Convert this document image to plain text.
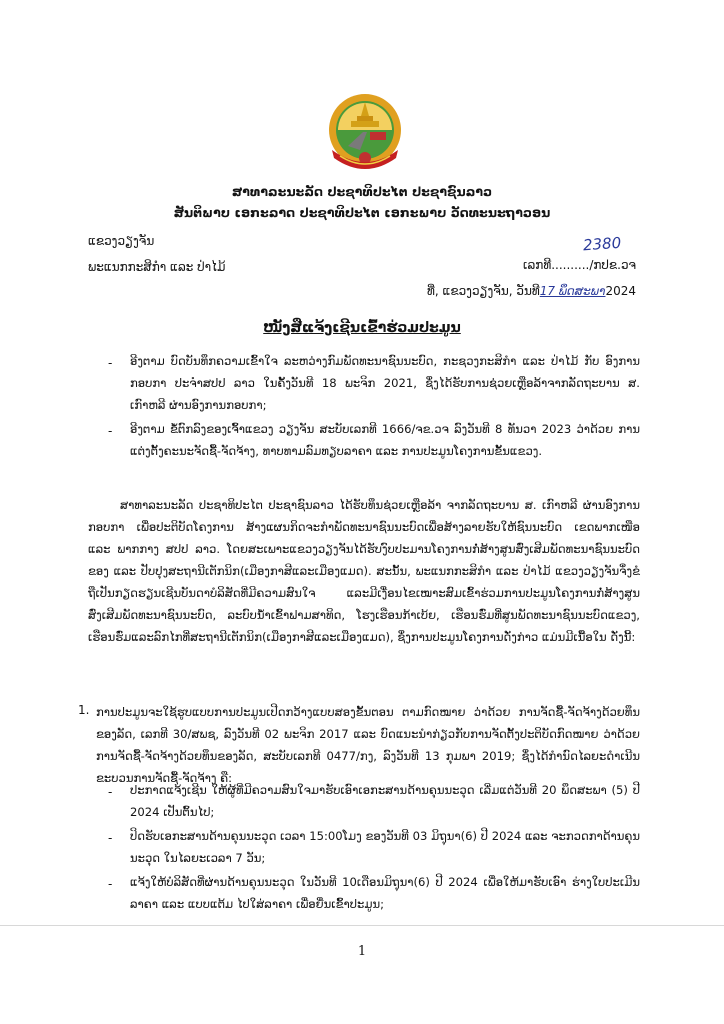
ສາທາລະນະລັດ ປະຊາທິປະໄຕ ປະຊາຊົນລາວ
ສັນຕິພາບ ເອກະລາດ ປະຊາທິປະໄຕ ເອກະພາບ ວັດທະນະຖາວອນ
ແຂວງວຽງຈັນ
ພະແນກກະສິກຳ ແລະ ປ່າໄມ້
2380
ເລກທີ........../ກປຂ.ວຈ
ທີ່, ແຂວງວຽງຈັນ, ວັນທີ17 ພຶດສະພາ2024
ໜັງສືແຈ້ງເຊີນເຂົ້າຮ່ວມປະມູນ
- ອີງຕາມ ບົດບັນທຶກຄວາມເຂົ້າໃຈ ລະຫວ່າງກົມພັດທະນາຊົນນະບົດ, ກະຊວງກະສິກຳ ແລະ ປ່າໄມ້ ກັບ ອົງການກອບກາ ປະຈຳສປປ ລາວ ໃນຄັ້ງວັນທີ 18 ພະຈິກ 2021, ຊຶ່ງໄດ້ຮັບການຊ່ວຍເຫຼືອລ້າຈາກລັດຖະບານ ສ. ເກົາຫລີ ຜ່ານອົງການກອບກາ;
- ອີງຕາມ ຂໍ້ຕົກລົງຂອງເຈົ້າແຂວງ ວຽງຈັນ ສະບັບເລກທີ 1666/ຈຂ.ວຈ ລົງວັນທີ 8 ທັນວາ 2023 ວ່າດ້ວຍ ການແຕ່ງຕັ້ງຄະນະຈັດຊື້-ຈັດຈ້າງ, ທາບທາມລົມທຽບລາຄາ ແລະ ການປະມູນໂຄງການຂັ້ນແຂວງ.
ສາທາລະນະລັດ ປະຊາທິປະໄຕ ປະຊາຊົນລາວ ໄດ້ຮັບທຶນຊ່ວຍເຫຼືອລ້າ ຈາກລັດຖະບານ ສ. ເກົາຫລີ ຜ່ານອົງການກອບກາ ເພື່ອປະຕິບັດໂຄງການ ສ້າງແຜນກິດຈະກຳພັດທະນາຊົນນະບົດເພື່ອສ້າງລາຍຮັບໃຫ້ຊົນນະບົດ ເຂດພາກເໜືອ ແລະ ພາກກາງ ສປປ ລາວ. ໂດຍສະເພາະແຂວງວຽງຈັນໄດ້ຮັບງົບປະມານໂຄງການກໍ່ສ້າງສູນສົ່ງເສີມພັດທະນາຊົນນະບົດຂອງ ແລະ ປັບປຸງສະຖານີເຕັກນິກ(ເມືອງກາສີແລະເມືອງແມດ). ສະນັ້ນ, ພະແນກກະສິກຳ ແລະ ປ່າໄມ້ ແຂວງວຽງຈັນຈຶ່ງຂໍຖືເປັນກຽດຮຽນເຊີນບັນດາບໍລິສັດທີ່ມີຄວາມສົນໃຈ ແລະມີເງື່ອນໄຂເໝາະສົມເຂົ້າຮ່ວມການປະມູນໂຄງການກໍ່ສ້າງສູນສົ່ງເສີມພັດທະນາຊົນນະບົດ, ລະບົບນ້ຳເຂົ້າຟາມສາທິດ, ໂຮງເຮືອນກ້າເບ້ຍ, ເຮືອນຮົ່ມທີ່ສູນພັດທະນາຊົນນະບົດແຂວງ, ເຮືອນຮົ່ມແລະລົກໄກທີ່ສະຖານີເຕັກນິກ(ເມືອງກາສີແລະເມືອງແມດ), ຊຶ່ງການປະມູນໂຄງການດັ່ງກ່າວ ແມ່ນມີເນື້ອໃນ ດັ່ງນີ້:
1. ການປະມູນຈະໃຊ້ຮູບແບບການປະມູນເປີດກວ້າງແບບສອງຂັ້ນຕອນ ຕາມກົດໝາຍ ວ່າດ້ວຍ ການຈັດຊື້-ຈັດຈ້າງດ້ວຍທຶນຂອງລັດ, ເລກທີ 30/ສພຊ, ລົງວັນທີ 02 ພະຈິກ 2017 ແລະ ບົດແນະນຳກ່ຽວກັບການຈັດຕັ້ງປະຕິບັດກົດໝາຍ ວ່າດ້ວຍ ການຈັດຊື້-ຈັດຈ້າງດ້ວຍທຶນຂອງລັດ, ສະບັບເລກທີ 0477/ກງ, ລົງວັນທີ 13 ກຸມພາ 2019; ຊຶ່ງໄດ້ກຳນົດໄລຍະດຳເນີນຂະບວນການຈັດຊື້-ຈັດຈ້າງ ຄື:
- ປະກາດແຈ້ງເຊີນ ໃຫ້ຜູ້ທີ່ມີຄວາມສົນໃຈມາຮັບເອົາເອກະສານດ້ານຄຸນນະວຸດ ເລີ່ມແຕ່ວັນທີ 20 ພຶດສະພາ (5) ປີ 2024 ເປັນຕົ້ນໄປ;
- ປິດຮັບເອກະສານດ້ານຄຸນນະວຸດ ເວລາ 15:00ໂມງ ຂອງວັນທີ 03 ມິຖຸນາ(6) ປີ 2024 ແລະ ຈະກວດກາດ້ານຄຸນນະວຸດ ໃນໄລຍະເວລາ 7 ວັນ;
- ແຈ້ງໃຫ້ບໍລິສັດທີ່ຜ່ານດ້ານຄຸນນະວຸດ ໃນວັນທີ 10ເດືອນມິຖຸນາ(6) ປີ 2024 ເພື່ອໃຫ້ມາຮັບເອົາ ຮ່າງໃບປະເມີນລາຄາ ແລະ ແບບແຕ້ມ ໄປໃສ່ລາຄາ ເພື່ອຍື່ນເຂົ້າປະມູນ;
1
